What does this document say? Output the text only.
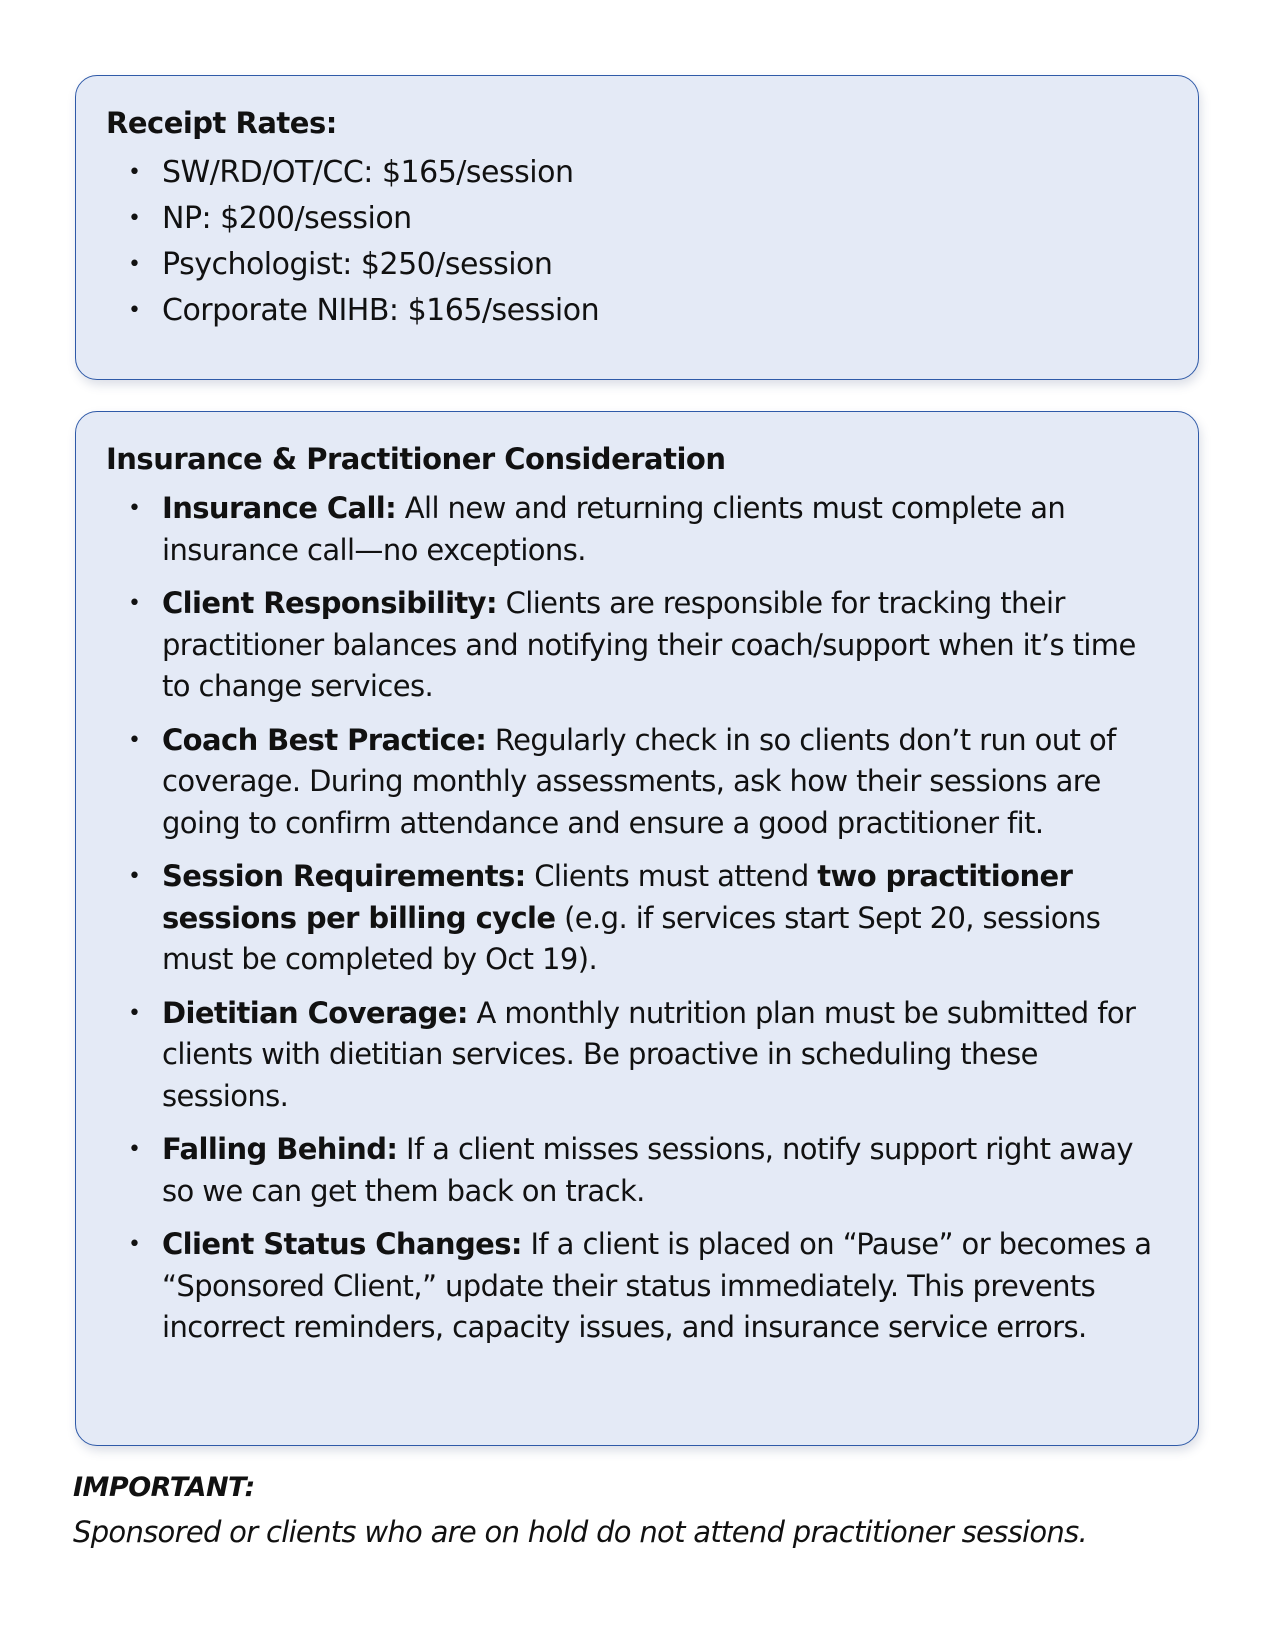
Receipt Rates:
• SW/RD/OT/CC: $165/session
• NP: $200/session
• Psychologist: $250/session
• Corporate NIHB: $165/session
Insurance & Practitioner Consideration
• Insurance Call: All new and returning clients must complete an insurance call—no exceptions.
• Client Responsibility: Clients are responsible for tracking their practitioner balances and notifying their coach/support when it’s time to change services.
• Coach Best Practice: Regularly check in so clients don’t run out of coverage. During monthly assessments, ask how their sessions are going to confirm attendance and ensure a good practitioner fit.
• Session Requirements: Clients must attend two practitioner sessions per billing cycle (e.g. if services start Sept 20, sessions must be completed by Oct 19).
• Dietitian Coverage: A monthly nutrition plan must be submitted for clients with dietitian services. Be proactive in scheduling these sessions.
• Falling Behind: If a client misses sessions, notify support right away so we can get them back on track.
• Client Status Changes: If a client is placed on “Pause” or becomes a “Sponsored Client,” update their status immediately. This prevents incorrect reminders, capacity issues, and insurance service errors.
IMPORTANT:
Sponsored or clients who are on hold do not attend practitioner sessions.
